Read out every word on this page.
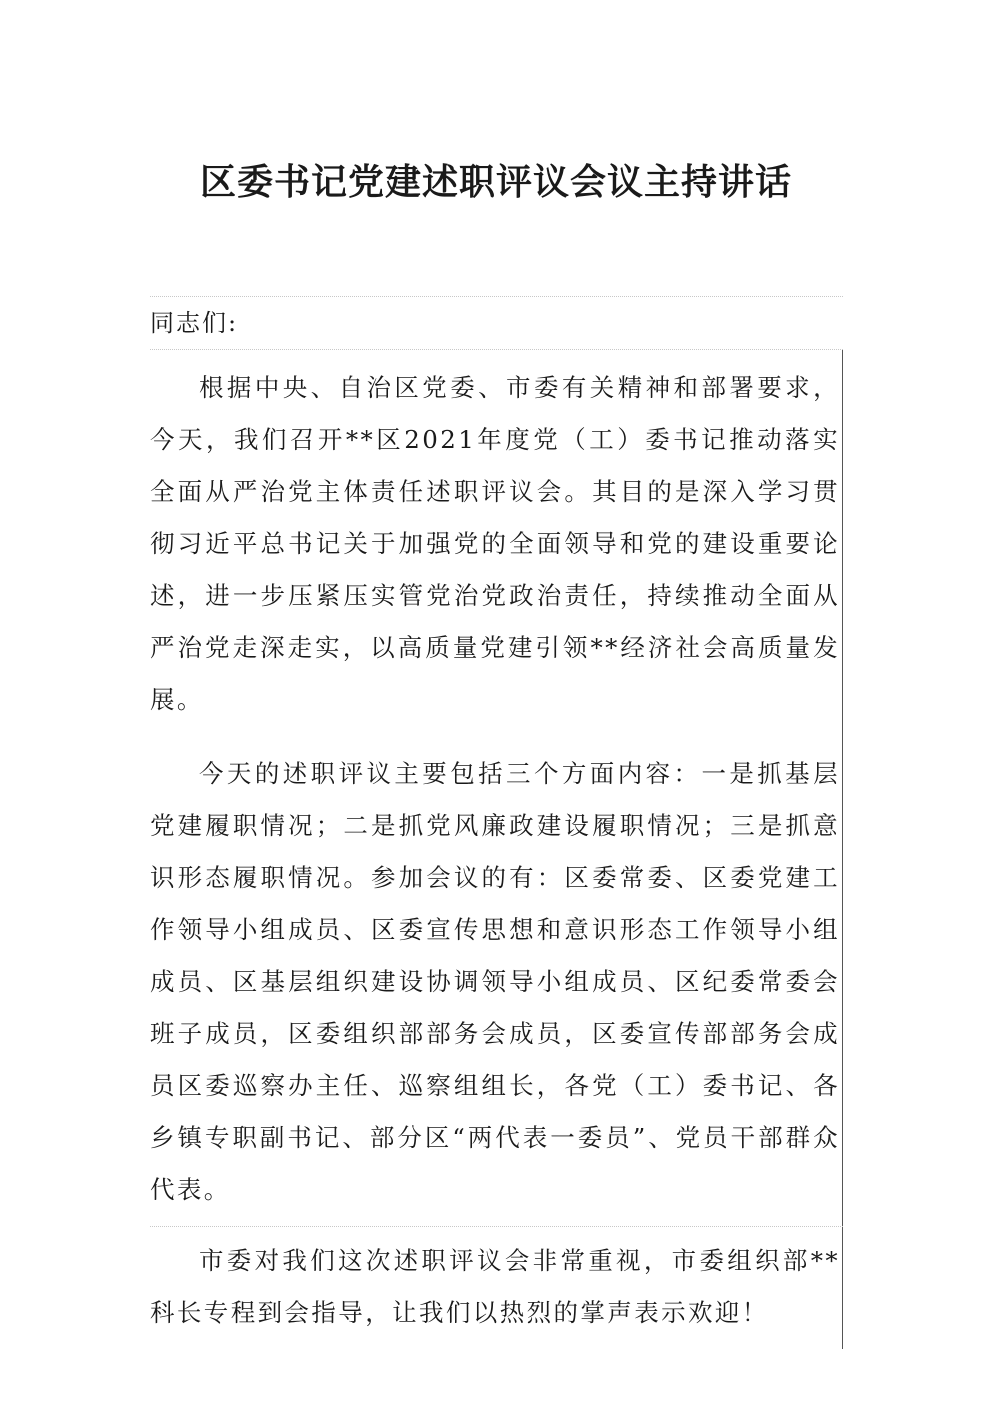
区委书记党建述职评议会议主持讲话

同志们:

根据中央、自治区党委、市委有关精神和部署要求，今天，我们召开**区2021年度党（工）委书记推动落实全面从严治党主体责任述职评议会。其目的是深入学习贯彻习近平总书记关于加强党的全面领导和党的建设重要论述，进一步压紧压实管党治党政治责任，持续推动全面从严治党走深走实，以高质量党建引领**经济社会高质量发展。

今天的述职评议主要包括三个方面内容：一是抓基层党建履职情况；二是抓党风廉政建设履职情况；三是抓意识形态履职情况。参加会议的有：区委常委、区委党建工作领导小组成员、区委宣传思想和意识形态工作领导小组成员、区基层组织建设协调领导小组成员、区纪委常委会班子成员，区委组织部部务会成员，区委宣传部部务会成员区委巡察办主任、巡察组组长，各党（工）委书记、各乡镇专职副书记、部分区“两代表一委员”、党员干部群众代表。

市委对我们这次述职评议会非常重视，市委组织部**科长专程到会指导，让我们以热烈的掌声表示欢迎！
